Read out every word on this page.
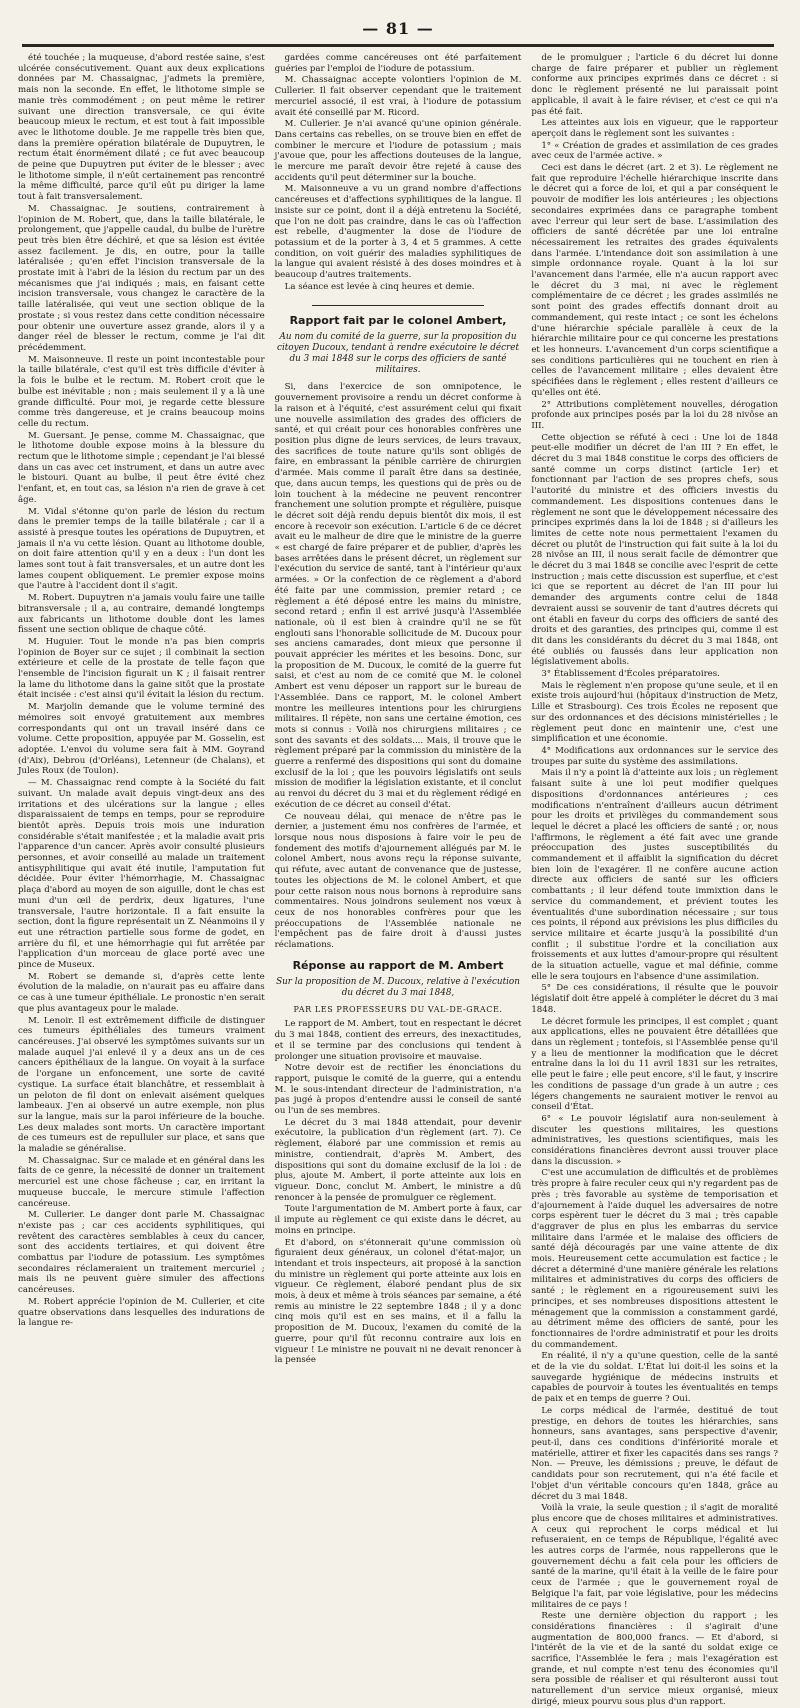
— 81 —

été touchée ; la muqueuse, d'abord restée saine, s'est ulcérée consécutivement. Quant aux deux explications données par M. Chassaignac, j'admets la première, mais non la seconde. En effet, le lithotome simple se manie très commodément ; on peut même le retirer suivant une direction transversale, ce qui évite beaucoup mieux le rectum, et est tout à fait impossible avec le lithotome double. Je me rappelle très bien que, dans la première opération bilatérale de Dupuytren, le rectum était énormément dilaté ; ce fut avec beaucoup de peine que Dupuytren put éviter de le blesser ; avec le lithotome simple, il n'eût certainement pas rencontré la même difficulté, parce qu'il eût pu diriger la lame tout à fait transversalement.

M. Chassaignac. Je soutiens, contrairement à l'opinion de M. Robert, que, dans la taille bilatérale, le prolongement, que j'appelle caudal, du bulbe de l'urètre peut très bien être déchiré, et que sa lésion est évitée assez facilement. Je dis, en outre, pour la taille latéralisée ; qu'en effet l'incision transversale de la prostate imit à l'abri de la lésion du rectum par un des mécanismes que j'ai indiqués ; mais, en faisant cette incision transversale, vous changez le caractère de la taille latéralisée, qui veut une section oblique de la prostate ; si vous restez dans cette condition nécessaire pour obtenir une ouverture assez grande, alors il y a danger réel de blesser le rectum, comme je l'ai dit précédemment.

M. Maisonneuve. Il reste un point incontestable pour la taille bilatérale, c'est qu'il est très difficile d'éviter à la fois le bulbe et le rectum. M. Robert croit que le bulbe est inévitable ; non ; mais seulement il y a là une grande difficulté. Pour moi, je regarde cette blessure comme très dangereuse, et je crains beaucoup moins celle du rectum.

M. Guersant. Je pense, comme M. Chassaignac, que le lithotome double expose moins à la blessure du rectum que le lithotome simple ; cependant je l'ai blessé dans un cas avec cet instrument, et dans un autre avec le bistouri. Quant au bulbe, il peut être évité chez l'enfant, et, en tout cas, sa lésion n'a rien de grave à cet âge.

M. Vidal s'étonne qu'on parle de lésion du rectum dans le premier temps de la taille bilatérale ; car il a assisté à presque toutes les opérations de Dupuytren, et jamais il n'a vu cette lésion. Quant au lithotome double, on doit faire attention qu'il y en a deux : l'un dont les lames sont tout à fait transversales, et un autre dont les lames coupent obliquement. Le premier expose moins que l'autre à l'accident dont il s'agit.

M. Robert. Dupuytren n'a jamais voulu faire une taille bitransversale ; il a, au contraire, demandé longtemps aux fabricants un lithotome double dont les lames fissent une section oblique de chaque côté.

M. Huguier. Tout le monde n'a pas bien compris l'opinion de Boyer sur ce sujet ; il combinait la section extérieure et celle de la prostate de telle façon que l'ensemble de l'incision figurait un K ; il faisait rentrer la lame du lithotome dans la gaine sitôt que la prostate était incisée : c'est ainsi qu'il évitait la lésion du rectum.

M. Marjolin demande que le volume terminé des mémoires soit envoyé gratuitement aux membres correspondants qui ont un travail inséré dans ce volume. Cette proposition, appuyée par M. Gosselin, est adoptée. L'envoi du volume sera fait à MM. Goyrand (d'Aix), Debrou (d'Orléans), Letenneur (de Chalans), et Jules Roux (de Toulon).

— M. Chassaignac rend compte à la Société du fait suivant. Un malade avait depuis vingt-deux ans des irritations et des ulcérations sur la langue ; elles disparaissaient de temps en temps, pour se reproduire bientôt après. Depuis trois mois une induration considérable s'était manifestée ; et la maladie avait pris l'apparence d'un cancer. Après avoir consulté plusieurs personnes, et avoir conseillé au malade un traitement antisyphilitique qui avait été inutile, l'amputation fut décidée. Pour éviter l'hémorrhagie, M. Chassaignac plaça d'abord au moyen de son aiguille, dont le chas est muni d'un œil de perdrix, deux ligatures, l'une transversale, l'autre horizontale. Il a fait ensuite la section, dont la figure représentait un Z. Néanmoins il y eut une rétraction partielle sous forme de godet, en arrière du fil, et une hémorrhagie qui fut arrêtée par l'application d'un morceau de glace porté avec une pince de Museux.

M. Robert se demande si, d'après cette lente évolution de la maladie, on n'aurait pas eu affaire dans ce cas à une tumeur épithéliale. Le pronostic n'en serait que plus avantageux pour le malade.

M. Lenoir. Il est extrêmement difficile de distinguer ces tumeurs épithéliales des tumeurs vraiment cancéreuses. J'ai observé les symptômes suivants sur un malade auquel j'ai enlevé il y a deux ans un de ces cancers épithéliaux de la langue. On voyait à la surface de l'organe un enfoncement, une sorte de cavité cystique. La surface était blanchâtre, et ressemblait à un peloton de fil dont on enlevait aisément quelques lambeaux. J'en ai observé un autre exemple, non plus sur la langue, mais sur la paroi inférieure de la bouche. Les deux malades sont morts. Un caractère important de ces tumeurs est de repulluler sur place, et sans que la maladie se généralise.

M. Chassaignac. Sur ce malade et en général dans les faits de ce genre, la nécessité de donner un traitement mercuriel est une chose fâcheuse ; car, en irritant la muqueuse buccale, le mercure stimule l'affection cancéreuse.

M. Cullerier. Le danger dont parle M. Chassaignac n'existe pas ; car ces accidents syphilitiques, qui revêtent des caractères semblables à ceux du cancer, sont des accidents tertiaires, et qui doivent être combattus par l'iodure de potassium. Les symptômes secondaires réclameraient un traitement mercuriel ; mais ils ne peuvent guère simuler des affections cancéreuses.

M. Robert apprécie l'opinion de M. Cullerier, et cite quatre observations dans lesquelles des indurations de la langue re-

gardées comme cancéreuses ont été parfaitement guéries par l'emploi de l'iodure de potassium.

M. Chassaignac accepte volontiers l'opinion de M. Cullerier. Il fait observer cependant que le traitement mercuriel associé, il est vrai, à l'iodure de potassium avait été conseillé par M. Ricord.

M. Cullerier. Je n'ai avancé qu'une opinion générale. Dans certains cas rebelles, on se trouve bien en effet de combiner le mercure et l'iodure de potassium ; mais j'avoue que, pour les affections douteuses de la langue, le mercure me paraît devoir être rejeté à cause des accidents qu'il peut déterminer sur la bouche.

M. Maisonneuve a vu un grand nombre d'affections cancéreuses et d'affections syphilitiques de la langue. Il insiste sur ce point, dont il a déjà entretenu la Société, que l'on ne doit pas craindre, dans le cas où l'affection est rebelle, d'augmenter la dose de l'iodure de potassium et de la porter à 3, 4 et 5 grammes. A cette condition, on voit guérir des maladies syphilitiques de la langue qui avaient résisté à des doses moindres et à beaucoup d'autres traitements.

La séance est levée à cinq heures et demie.

Rapport fait par le colonel Ambert,
Au nom du comité de la guerre, sur la proposition du citoyen Ducoux, tendant à rendre exécutoire le décret du 3 mai 1848 sur le corps des officiers de santé militaires.

Si, dans l'exercice de son omnipotence, le gouvernement provisoire a rendu un décret conforme à la raison et à l'équité, c'est assurément celui qui fixait une nouvelle assimilation des grades des officiers de santé, et qui créait pour ces honorables confrères une position plus digne de leurs services, de leurs travaux, des sacrifices de toute nature qu'ils sont obligés de faire, en embrassant la pénible carrière de chirurgien d'armée. Mais comme il paraît être dans sa destinée, que, dans aucun temps, les questions qui de près ou de loin touchent à la médecine ne peuvent rencontrer franchement une solution prompte et régulière, puisque le décret soit déjà rendu depuis bientôt dix mois, il est encore à recevoir son exécution. L'article 6 de ce décret avait eu le malheur de dire que le ministre de la guerre « est chargé de faire préparer et de publier, d'après les bases arrêtées dans le présent décret, un règlement sur l'exécution du service de santé, tant à l'intérieur qu'aux armées. » Or la confection de ce règlement a d'abord été faite par une commission, premier retard ; ce règlement a été déposé entre les mains du ministre, second retard ; enfin il est arrivé jusqu'à l'Assemblée nationale, où il est bien à craindre qu'il ne se fût englouti sans l'honorable sollicitude de M. Ducoux pour ses anciens camarades, dont mieux que personne il pouvait apprécier les mérites et les besoins. Donc, sur la proposition de M. Ducoux, le comité de la guerre fut saisi, et c'est au nom de ce comité que M. le colonel Ambert est venu déposer un rapport sur le bureau de l'Assemblée. Dans ce rapport, M. le colonel Ambert montre les meilleures intentions pour les chirurgiens militaires. Il répète, non sans une certaine émotion, ces mots si connus : Voilà nos chirurgiens militaires ; ce sont des savants et des soldats.... Mais, il trouve que le règlement préparé par la commission du ministère de la guerre a renfermé des dispositions qui sont du domaine exclusif de la loi ; que les pouvoirs législatifs ont seuls mission de modifier la législation existante, et il conclut au renvoi du décret du 3 mai et du règlement rédigé en exécution de ce décret au conseil d'état.

Ce nouveau délai, qui menace de n'être pas le dernier, a justement ému nos confrères de l'armée, et lorsque nous nous disposions à faire voir le peu de fondement des motifs d'ajournement allégués par M. le colonel Ambert, nous avons reçu la réponse suivante, qui réfute, avec autant de convenance que de justesse, toutes les objections de M. le colonel Ambert, et que pour cette raison nous nous bornons à reproduire sans commentaires. Nous joindrons seulement nos vœux à ceux de nos honorables confrères pour que les préoccupations de l'Assemblée nationale ne l'empêchent pas de faire droit à d'aussi justes réclamations.

Réponse au rapport de M. Ambert
Sur la proposition de M. Ducoux, relative à l'exécution du décret du 3 mai 1848,
PAR LES PROFESSEURS DU VAL-DE-GRACE.

Le rapport de M. Ambert, tout en respectant le décret du 3 mai 1848, contient des erreurs, des inexactitudes, et il se termine par des conclusions qui tendent à prolonger une situation provisoire et mauvaise.

Notre devoir est de rectifier les énonciations du rapport, puisque le comité de la guerre, qui a entendu M. le sous-intendant directeur de l'administration, n'a pas jugé à propos d'entendre aussi le conseil de santé ou l'un de ses membres.

Le décret du 3 mai 1848 attendait, pour devenir exécutoire, la publication d'un règlement (art. 7). Ce règlement, élaboré par une commission et remis au ministre, contiendrait, d'après M. Ambert, des dispositions qui sont du domaine exclusif de la loi : de plus, ajoute M. Ambert, il porte atteinte aux lois en vigueur. Donc, conclut M. Ambert, le ministre a dû renoncer à la pensée de promulguer ce règlement.

Toute l'argumentation de M. Ambert porte à faux, car il impute au règlement ce qui existe dans le décret, au moins en principe.

Et d'abord, on s'étonnerait qu'une commission où figuraient deux généraux, un colonel d'état-major, un intendant et trois inspecteurs, ait proposé à la sanction du ministre un règlement qui porte atteinte aux lois en vigueur. Ce règlement, élaboré pendant plus de six mois, à deux et même à trois séances par semaine, a été remis au ministre le 22 septembre 1848 ; il y a donc cinq mois qu'il est en ses mains, et il a fallu la proposition de M. Ducoux, l'examen du comité de la guerre, pour qu'il fût reconnu contraire aux lois en vigueur ! Le ministre ne pouvait ni ne devait renoncer à la pensée

de le promulguer ; l'article 6 du décret lui donne charge de faire préparer et publier un règlement conforme aux principes exprimés dans ce décret : si donc le règlement présenté ne lui paraissait point applicable, il avait à le faire réviser, et c'est ce qui n'a pas été fait.

Les atteintes aux lois en vigueur, que le rapporteur aperçoit dans le règlement sont les suivantes :

1° « Création de grades et assimilation de ces grades avec ceux de l'armée active. »

Ceci est dans le décret (art. 2 et 3). Le règlement ne fait que reproduire l'échelle hiérarchique inscrite dans le décret qui a force de loi, et qui a par conséquent le pouvoir de modifier les lois antérieures ; les objections secondaires exprimées dans ce paragraphe tombent avec l'erreur qui leur sert de base. L'assimilation des officiers de santé décrétée par une loi entraîne nécessairement les retraites des grades équivalents dans l'armée. L'intendance doit son assimilation à une simple ordonnance royale. Quant à la loi sur l'avancement dans l'armée, elle n'a aucun rapport avec le décret du 3 mai, ni avec le règlement complémentaire de ce décret ; les grades assimilés ne sont point des grades effectifs donnant droit au commandement, qui reste intact ; ce sont les échelons d'une hiérarchie spéciale parallèle à ceux de la hiérarchie militaire pour ce qui concerne les prestations et les honneurs. L'avancement d'un corps scientifique a ses conditions particulières qui ne touchent en rien à celles de l'avancement militaire ; elles devaient être spécifiées dans le règlement ; elles restent d'ailleurs ce qu'elles ont été.

2° Attributions complètement nouvelles, dérogation profonde aux principes posés par la loi du 28 nivôse an III.

Cette objection se réfuté à ceci : Une loi de 1848 peut-elle modifier un décret de l'an III ? En effet, le décret du 3 mai 1848 constitue le corps des officiers de santé comme un corps distinct (article 1er) et fonctionnant par l'action de ses propres chefs, sous l'autorité du ministre et des officiers investis du commandement. Les dispositions contenues dans le règlement ne sont que le développement nécessaire des principes exprimés dans la loi de 1848 ; si d'ailleurs les limites de cette note nous permettaient l'examen du décret ou plutôt de l'instruction qui fait suite à la loi du 28 nivôse an III, il nous serait facile de démontrer que le décret du 3 mai 1848 se concilie avec l'esprit de cette instruction ; mais cette discussion est superflue, et c'est ici que se reportent au décret de l'an III pour lui demander des arguments contre celui de 1848 devraient aussi se souvenir de tant d'autres décrets qui ont établi en faveur du corps des officiers de santé des droits et des garanties, des principes qui, comme il est dit dans les considérants du décret du 3 mai 1848, ont été oubliés ou faussés dans leur application non législativement abolis.

3° Établissement d'Écoles préparatoires.

Mais le règlement n'en propose qu'une seule, et il en existe trois aujourd'hui (hôpitaux d'instruction de Metz, Lille et Strasbourg). Ces trois Écoles ne reposent que sur des ordonnances et des décisions ministérielles ; le règlement peut donc en maintenir une, c'est une simplification et une économie.

4° Modifications aux ordonnances sur le service des troupes par suite du système des assimilations.

Mais il n'y a point là d'atteinte aux lois ; un règlement faisant suite à une loi peut modifier quelques dispositions d'ordonnances antérieures ; ces modifications n'entraînent d'ailleurs aucun détriment pour les droits et privilèges du commandement sous lequel le décret a placé les officiers de santé ; or, nous l'affirmons, le règlement a été fait avec une grande préoccupation des justes susceptibilités du commandement et il affaiblit la signification du décret bien loin de l'exagérer. Il ne confère aucune action directe aux officiers de santé sur les officiers combattants ; il leur défend toute immixtion dans le service du commandement, et prévient toutes les éventualités d'une subordination nécessaire ; sur tous ces points, il répond aux prévisions les plus difficiles du service militaire et écarte jusqu'à la possibilité d'un conflit ; il substitue l'ordre et la conciliation aux froissements et aux luttes d'amour-propre qui résultent de la situation actuelle, vague et mal définie, comme elle le sera toujours en l'absence d'une assimilation.

5° De ces considérations, il résulte que le pouvoir législatif doit être appelé à compléter le décret du 3 mai 1848.

Le décret formule les principes, il est complet ; quant aux applications, elles ne pouvaient être détaillées que dans un règlement ; tontefois, si l'Assemblée pense qu'il y a lieu de mentionner la modification que le décret entraîne dans la loi du 11 avril 1831 sur les retraites, elle peut le faire ; elle peut encore, s'il le faut, y inscrire les conditions de passage d'un grade à un autre ; ces légers changements ne sauraient motiver le renvoi au conseil d'État.

6° « Le pouvoir législatif aura non-seulement à discuter les questions militaires, les questions administratives, les questions scientifiques, mais les considérations financières devront aussi trouver place dans la discussion. »

C'est une accumulation de difficultés et de problèmes très propre à faire reculer ceux qui n'y regardent pas de près ; très favorable au système de temporisation et d'ajournement à l'aide duquel les adversaires de notre corps espèrent tuer le décret du 3 mai ; très capable d'aggraver de plus en plus les embarras du service militaire dans l'armée et le malaise des officiers de santé déjà découragés par une vaine attente de dix mois. Heureusement cette accumulation est factice ; le décret a déterminé d'une manière générale les relations militaires et administratives du corps des officiers de santé ; le règlement en a rigoureusement suivi les principes, et ses nombreuses dispositions attestent le ménagement que la commission a constamment gardé, au détriment même des officiers de santé, pour les fonctionnaires de l'ordre administratif et pour les droits du commandement.

En réalité, il n'y a qu'une question, celle de la santé et de la vie du soldat. L'État lui doit-il les soins et la sauvegarde hygiénique de médecins instruits et capables de pourvoir à toutes les éventualités en temps de paix et en temps de guerre ? Oui.

Le corps médical de l'armée, destitué de tout prestige, en dehors de toutes les hiérarchies, sans honneurs, sans avantages, sans perspective d'avenir, peut-il, dans ces conditions d'infériorité morale et matérielle, attirer et fixer les capacités dans ses rangs ? Non. — Preuve, les démissions ; preuve, le défaut de candidats pour son recrutement, qui n'a été facile et l'objet d'un véritable concours qu'en 1848, grâce au décret du 3 mai 1848.

Voilà la vraie, la seule question ; il s'agit de moralité plus encore que de choses militaires et administratives. A ceux qui reprochent le corps médical et lui refuseraient, en ce temps de République, l'égalité avec les autres corps de l'armée, nous rappellerons que le gouvernement déchu a fait cela pour les officiers de santé de la marine, qu'il était à la veille de le faire pour ceux de l'armée ; que le gouvernement royal de Belgique l'a fait, par voie législative, pour les médecins militaires de ce pays !

Reste une dernière objection du rapport ; les considérations financières : il s'agirait d'une augmentation de 800,000 francs. — Et d'abord, si l'intérêt de la vie et de la santé du soldat exige ce sacrifice, l'Assemblée le fera ; mais l'exagération est grande, et nul compte n'est tenu des économies qu'il sera possible de réaliser et qui résulteront aussi tout naturellement d'un service mieux organisé, mieux dirigé, mieux pourvu sous plus d'un rapport.
